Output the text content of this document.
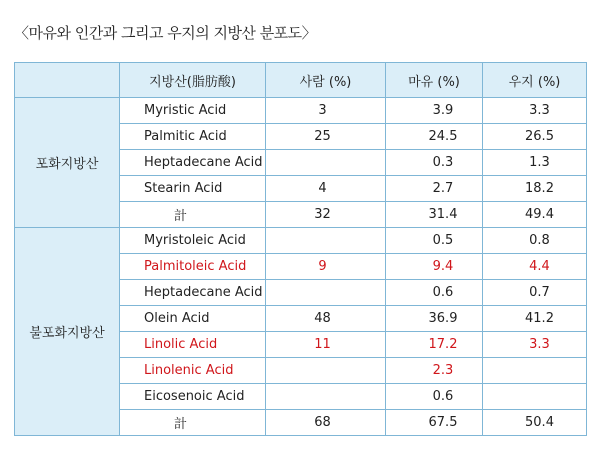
〈마유와 인간과 그리고 우지의 지방산 분포도〉
	지방산(脂肪酸)	사람 (%)	마유 (%)	우지 (%)
포화지방산	Myristic Acid	3	3.9	3.3
	Palmitic Acid	25	24.5	26.5
	Heptadecane Acid		0.3	1.3
	Stearin Acid	4	2.7	18.2
	計	32	31.4	49.4
불포화지방산	Myristoleic Acid		0.5	0.8
	Palmitoleic Acid	9	9.4	4.4
	Heptadecane Acid		0.6	0.7
	Olein Acid	48	36.9	41.2
	Linolic Acid	11	17.2	3.3
	Linolenic Acid		2.3	
	Eicosenoic Acid		0.6	
	計	68	67.5	50.4
